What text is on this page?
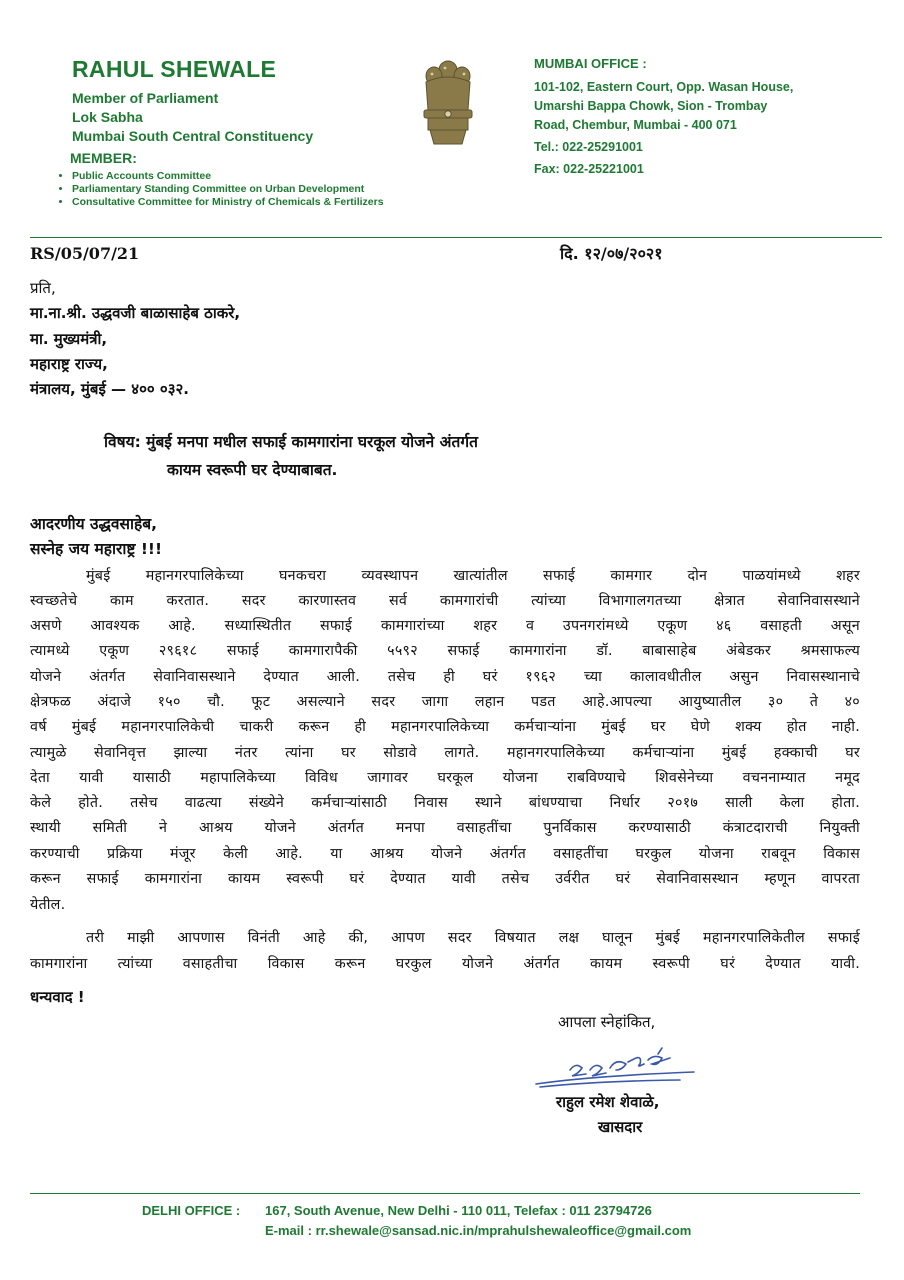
RAHUL SHEWALE
Member of Parliament
Lok Sabha
Mumbai South Central Constituency
MEMBER:
• Public Accounts Committee
• Parliamentary Standing Committee on Urban Development
• Consultative Committee for Ministry of Chemicals & Fertilizers
MUMBAI OFFICE :
101-102, Eastern Court, Opp. Wasan House,
Umarshi Bappa Chowk, Sion - Trombay
Road, Chembur, Mumbai - 400 071
Tel.: 022-25291001
Fax: 022-25221001
RS/05/07/21	दि. १२/०७/२०२१
प्रति,
मा.ना.श्री. उद्धवजी बाळासाहेब ठाकरे,
मा. मुख्यमंत्री,
महाराष्ट्र राज्य,
मंत्रालय, मुंबई — ४०० ०३२.
विषय: मुंबई मनपा मधील सफाई कामगारांना घरकूल योजने अंतर्गत
कायम स्वरूपी घर देण्याबाबत.
आदरणीय उद्धवसाहेब,
सस्नेह जय महाराष्ट्र !!!
मुंबई महानगरपालिकेच्या घनकचरा व्यवस्थापन खात्यांतील सफाई कामगार दोन पाळयांमध्ये शहर
स्वच्छतेचे काम करतात. सदर कारणास्तव सर्व कामगारांची त्यांच्या विभागालगतच्या क्षेत्रात सेवानिवासस्थाने
असणे आवश्यक आहे. सध्यास्थितीत सफाई कामगारांच्या शहर व उपनगरांमध्ये एकूण ४६ वसाहती असून
त्यामध्ये एकूण २९६१८ सफाई कामगारापैकी ५५९२ सफाई कामगारांना डॉ. बाबासाहेब अंबेडकर श्रमसाफल्य
योजने अंतर्गत सेवानिवासस्थाने देण्यात आली. तसेच ही घरं १९६२ च्या कालावधीतील असुन निवासस्थानाचे
क्षेत्रफळ अंदाजे १५० चौ. फूट असल्याने सदर जागा लहान पडत आहे.आपल्या आयुष्यातील ३० ते ४०
वर्ष मुंबई महानगरपालिकेची चाकरी करून ही महानगरपालिकेच्या कर्मचाऱ्यांना मुंबई घर घेणे शक्य होत नाही.
त्यामुळे सेवानिवृत्त झाल्या नंतर त्यांना घर सोडावे लागते. महानगरपालिकेच्या कर्मचाऱ्यांना मुंबई हक्काची घर
देता यावी यासाठी महापालिकेच्या विविध जागावर घरकूल योजना राबविण्याचे शिवसेनेच्या वचननाम्यात नमूद
केले होते. तसेच वाढत्या संख्येने कर्मचाऱ्यांसाठी निवास स्थाने बांधण्याचा निर्धार २०१७ साली केला होता.
स्थायी समिती ने आश्रय योजने अंतर्गत मनपा वसाहतींचा पुनर्विकास करण्यासाठी कंत्राटदाराची नियुक्ती
करण्याची प्रक्रिया मंजूर केली आहे. या आश्रय योजने अंतर्गत वसाहतींचा घरकुल योजना राबवून विकास
करून सफाई कामगारांना कायम स्वरूपी घरं देण्यात यावी तसेच उर्वरीत घरं सेवानिवासस्थान म्हणून वापरता
येतील.
तरी माझी आपणास विनंती आहे की, आपण सदर विषयात लक्ष घालून मुंबई महानगरपालिकेतील सफाई
कामगारांना त्यांच्या वसाहतीचा विकास करून घरकुल योजने अंतर्गत कायम स्वरूपी घरं देण्यात यावी.
धन्यवाद !
आपला स्नेहांकित,
राहुल रमेश शेवाळे,
खासदार
DELHI OFFICE : 167, South Avenue, New Delhi - 110 011, Telefax : 011 23794726
E-mail : rr.shewale@sansad.nic.in/mprahulshewaleoffice@gmail.com
